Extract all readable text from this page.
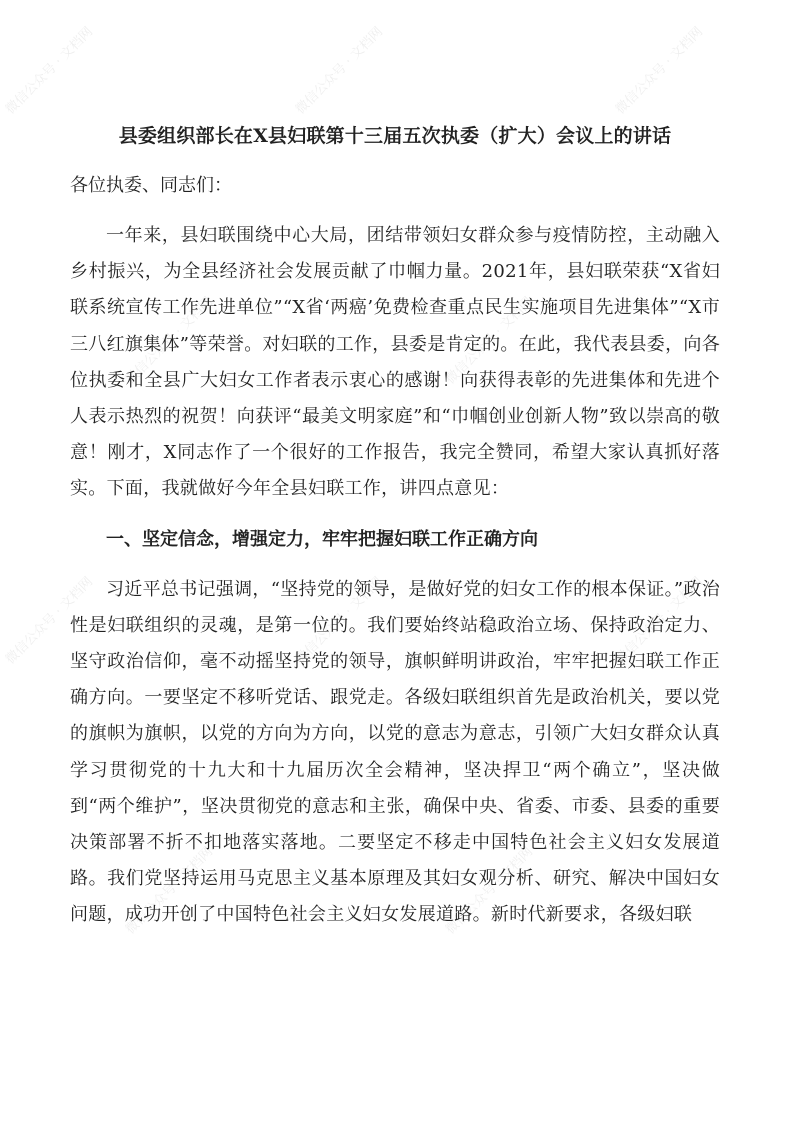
微信公众号 · 文档网	微信公众号 · 文档网	微信公众号 · 文档网
微信公众号 · 文档网	微信公众号 · 文档网
微信公众号 · 文档网	微信公众号 · 文档网	微信公众号 · 文档网
微信公众号 · 文档网	微信公众号 · 文档网
县委组织部长在X县妇联第十三届五次执委（扩大）会议上的讲话

各位执委、同志们：

一年来，县妇联围绕中心大局，团结带领妇女群众参与疫情防控，主动融入乡村振兴，为全县经济社会发展贡献了巾帼力量。2021年，县妇联荣获“X省妇联系统宣传工作先进单位”“X省‘两癌’免费检查重点民生实施项目先进集体”“X市三八红旗集体”等荣誉。对妇联的工作，县委是肯定的。在此，我代表县委，向各位执委和全县广大妇女工作者表示衷心的感谢！向获得表彰的先进集体和先进个人表示热烈的祝贺！向获评“最美文明家庭”和“巾帼创业创新人物”致以崇高的敬意！刚才，X同志作了一个很好的工作报告，我完全赞同，希望大家认真抓好落实。下面，我就做好今年全县妇联工作，讲四点意见：

一、坚定信念，增强定力，牢牢把握妇联工作正确方向

习近平总书记强调，“坚持党的领导，是做好党的妇女工作的根本保证。”政治性是妇联组织的灵魂，是第一位的。我们要始终站稳政治立场、保持政治定力、坚守政治信仰，毫不动摇坚持党的领导，旗帜鲜明讲政治，牢牢把握妇联工作正确方向。一要坚定不移听党话、跟党走。各级妇联组织首先是政治机关，要以党的旗帜为旗帜，以党的方向为方向，以党的意志为意志，引领广大妇女群众认真学习贯彻党的十九大和十九届历次全会精神，坚决捍卫“两个确立”，坚决做到“两个维护”，坚决贯彻党的意志和主张，确保中央、省委、市委、县委的重要决策部署不折不扣地落实落地。二要坚定不移走中国特色社会主义妇女发展道路。我们党坚持运用马克思主义基本原理及其妇女观分析、研究、解决中国妇女问题，成功开创了中国特色社会主义妇女发展道路。新时代新要求，各级妇联
